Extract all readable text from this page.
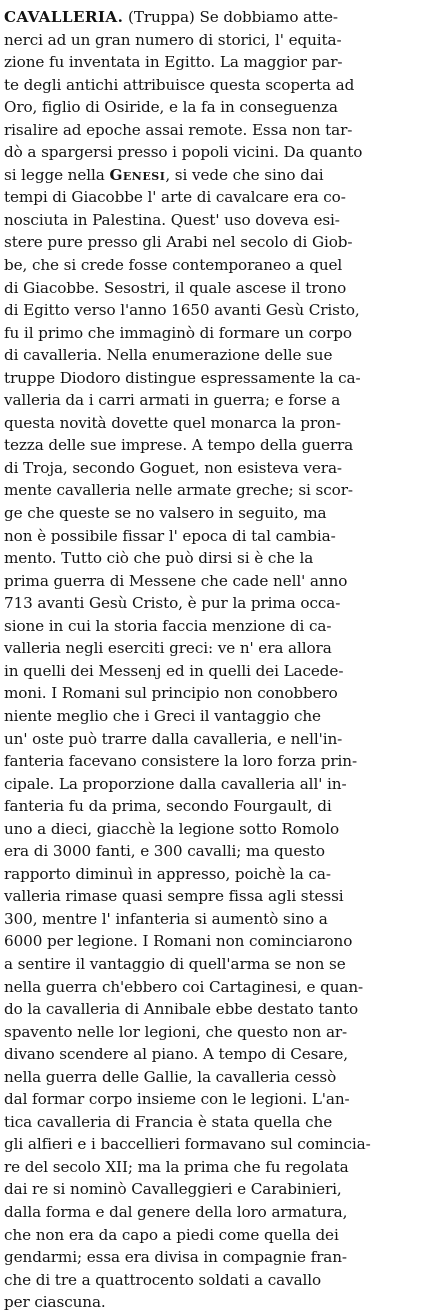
CAVALLERIA. (Truppa) Se dobbiamo atte-
nerci ad un gran numero di storici, l' equita-
zione fu inventata in Egitto. La maggior par-
te degli antichi attribuisce questa scoperta ad
Oro, figlio di Osiride, e la fa in conseguenza
risalire ad epoche assai remote. Essa non tar-
dò a spargersi presso i popoli vicini. Da quanto
si legge nella Genesi, si vede che sino dai
tempi di Giacobbe l' arte di cavalcare era co-
nosciuta in Palestina. Quest' uso doveva esi-
stere pure presso gli Arabi nel secolo di Giob-
be, che si crede fosse contemporaneo a quel
di Giacobbe. Sesostri, il quale ascese il trono
di Egitto verso l'anno 1650 avanti Gesù Cristo,
fu il primo che immaginò di formare un corpo
di cavalleria. Nella enumerazione delle sue
truppe Diodoro distingue espressamente la ca-
valleria da i carri armati in guerra; e forse a
questa novità dovette quel monarca la pron-
tezza delle sue imprese. A tempo della guerra
di Troja, secondo Goguet, non esisteva vera-
mente cavalleria nelle armate greche; si scor-
ge che queste se no valsero in seguito, ma
non è possibile fissar l' epoca di tal cambia-
mento. Tutto ciò che può dirsi si è che la
prima guerra di Messene che cade nell' anno
713 avanti Gesù Cristo, è pur la prima occa-
sione in cui la storia faccia menzione di ca-
valleria negli eserciti greci: ve n' era allora
in quelli dei Messenj ed in quelli dei Lacede-
moni. I Romani sul principio non conobbero
niente meglio che i Greci il vantaggio che
un' oste può trarre dalla cavalleria, e nell'in-
fanteria facevano consistere la loro forza prin-
cipale. La proporzione dalla cavalleria all' in-
fanteria fu da prima, secondo Fourgault, di
uno a dieci, giacchè la legione sotto Romolo
era di 3000 fanti, e 300 cavalli; ma questo
rapporto diminuì in appresso, poichè la ca-
valleria rimase quasi sempre fissa agli stessi
300, mentre l' infanteria si aumentò sino a
6000 per legione. I Romani non cominciarono
a sentire il vantaggio di quell'arma se non se
nella guerra ch'ebbero coi Cartaginesi, e quan-
do la cavalleria di Annibale ebbe destato tanto
spavento nelle lor legioni, che questo non ar-
divano scendere al piano. A tempo di Cesare,
nella guerra delle Gallie, la cavalleria cessò
dal formar corpo insieme con le legioni. L'an-
tica cavalleria di Francia è stata quella che
gli alfieri e i baccellieri formavano sul comincia-
re del secolo XII; ma la prima che fu regolata
dai re si nominò Cavalleggieri e Carabinieri,
dalla forma e dal genere della loro armatura,
che non era da capo a piedi come quella dei
gendarmi; essa era divisa in compagnie fran-
che di tre a quattrocento soldati a cavallo
per ciascuna.
